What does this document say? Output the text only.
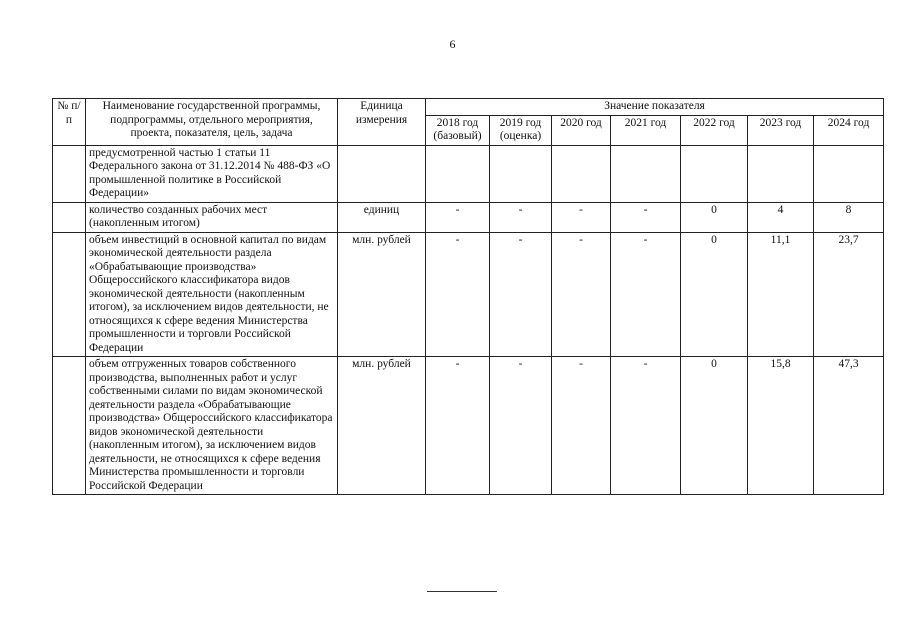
6
№ п/п	Наименование государственной программы, подпрограммы, отдельного мероприятия, проекта, показателя, цель, задача	Единица измерения	Значение показателя						
			2018 год (базовый)	2019 год (оценка)	2020 год	2021 год	2022 год	2023 год	2024 год
	предусмотренной частью 1 статьи 11 Федерального закона от 31.12.2014 № 488-ФЗ «О промышленной политике в Российской Федерации»								
	количество созданных рабочих мест (накопленным итогом)	единиц	-	-	-	-	0	4	8
	объем инвестиций в основной капитал по видам экономической деятельности раздела «Обрабатывающие производства» Общероссийского классификатора видов экономической деятельности (накопленным итогом), за исключением видов деятельности, не относящихся к сфере ведения Министерства промышленности и торговли Российской Федерации	млн. рублей	-	-	-	-	0	11,1	23,7
	объем отгруженных товаров собственного производства, выполненных работ и услуг собственными силами по видам экономической деятельности раздела «Обрабатывающие производства» Общероссийского классификатора видов экономической деятельности (накопленным итогом), за исключением видов деятельности, не относящихся к сфере ведения Министерства промышленности и торговли Российской Федерации	млн. рублей	-	-	-	-	0	15,8	47,3
